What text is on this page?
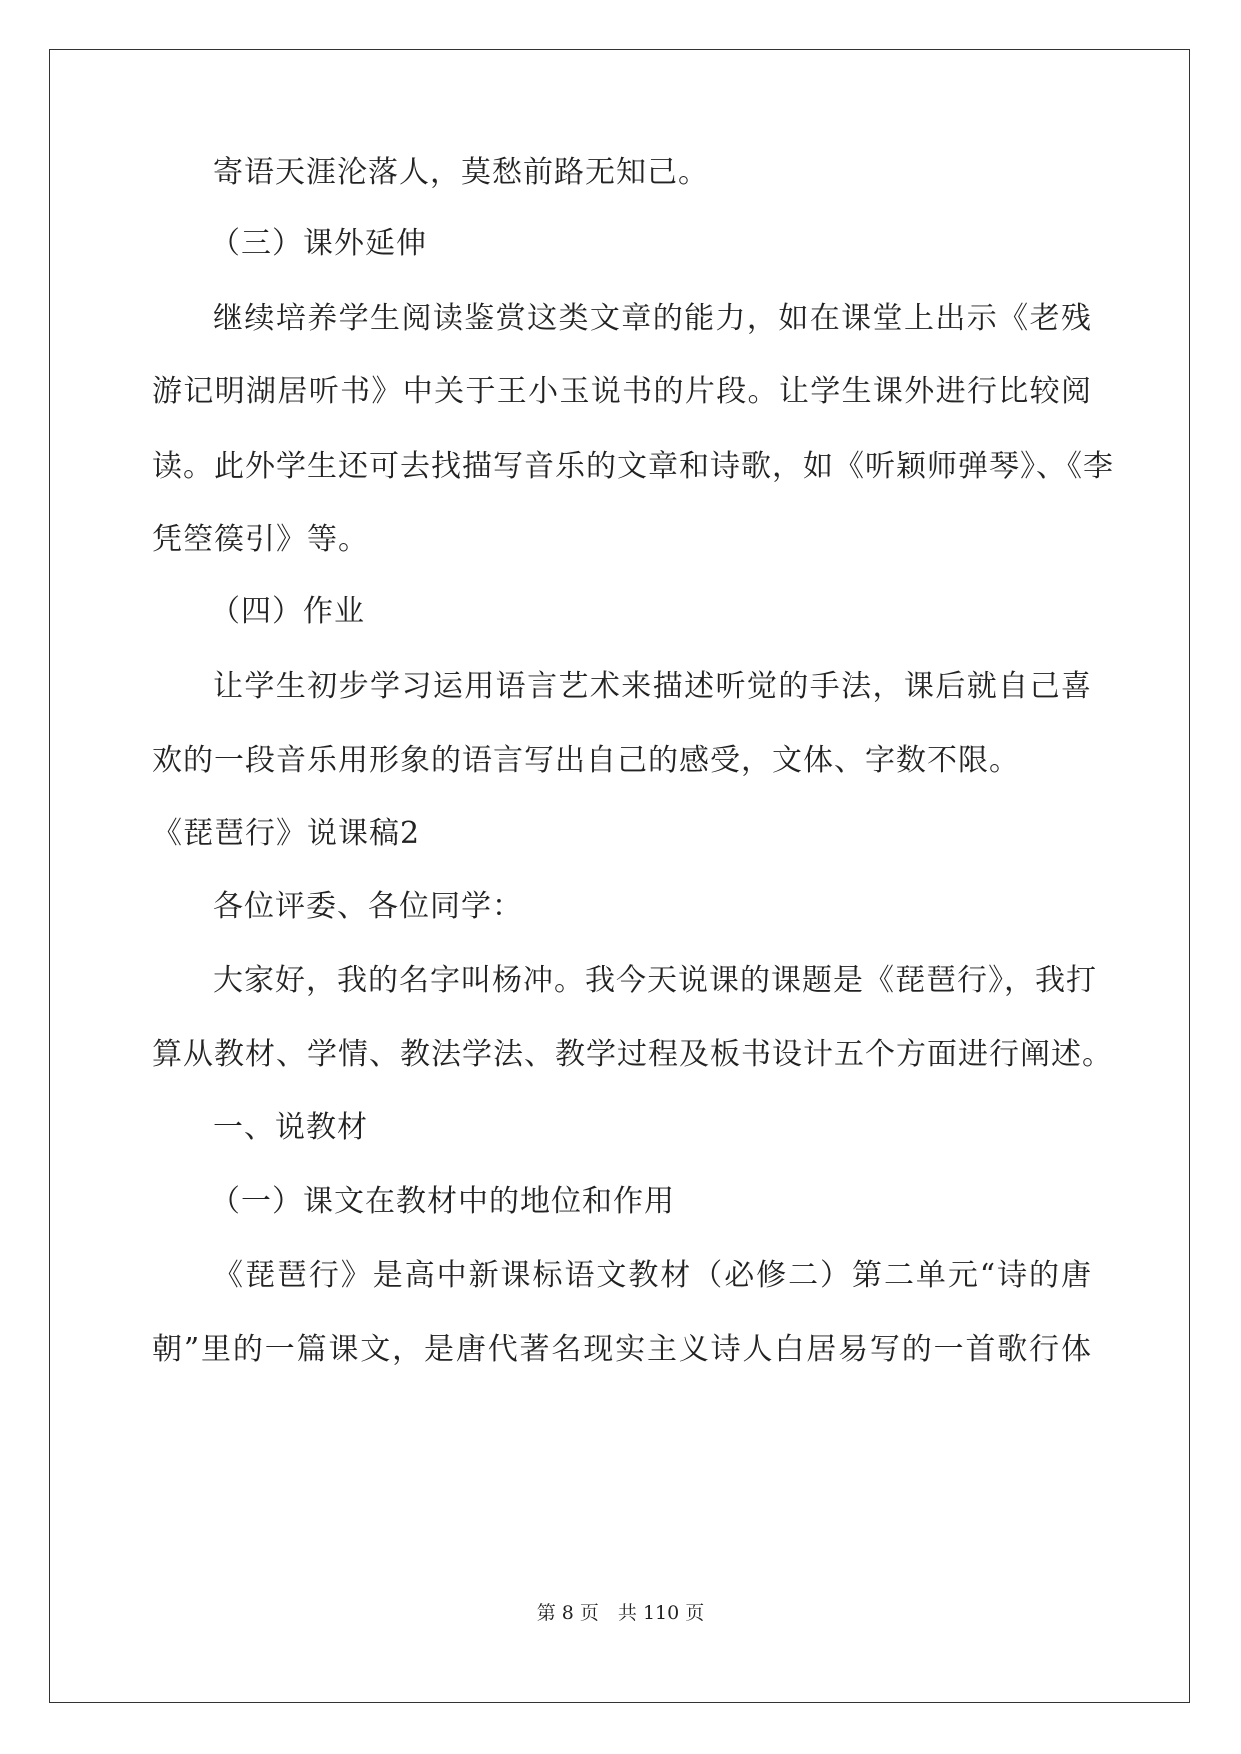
寄语天涯沦落人，莫愁前路无知己。
（三）课外延伸
继续培养学生阅读鉴赏这类文章的能力，如在课堂上出示《老残
游记明湖居听书》中关于王小玉说书的片段。让学生课外进行比较阅
读。此外学生还可去找描写音乐的文章和诗歌，如《听颖师弹琴》、《李
凭箜篌引》等。
（四）作业
让学生初步学习运用语言艺术来描述听觉的手法，课后就自己喜
欢的一段音乐用形象的语言写出自己的感受，文体、字数不限。
《琵琶行》说课稿2
各位评委、各位同学：
大家好，我的名字叫杨冲。我今天说课的课题是《琵琶行》，我打
算从教材、学情、教法学法、教学过程及板书设计五个方面进行阐述。
一、说教材
（一）课文在教材中的地位和作用
《琵琶行》是高中新课标语文教材（必修二）第二单元“诗的唐
朝”里的一篇课文，是唐代著名现实主义诗人白居易写的一首歌行体
第 8 页　共 110 页
